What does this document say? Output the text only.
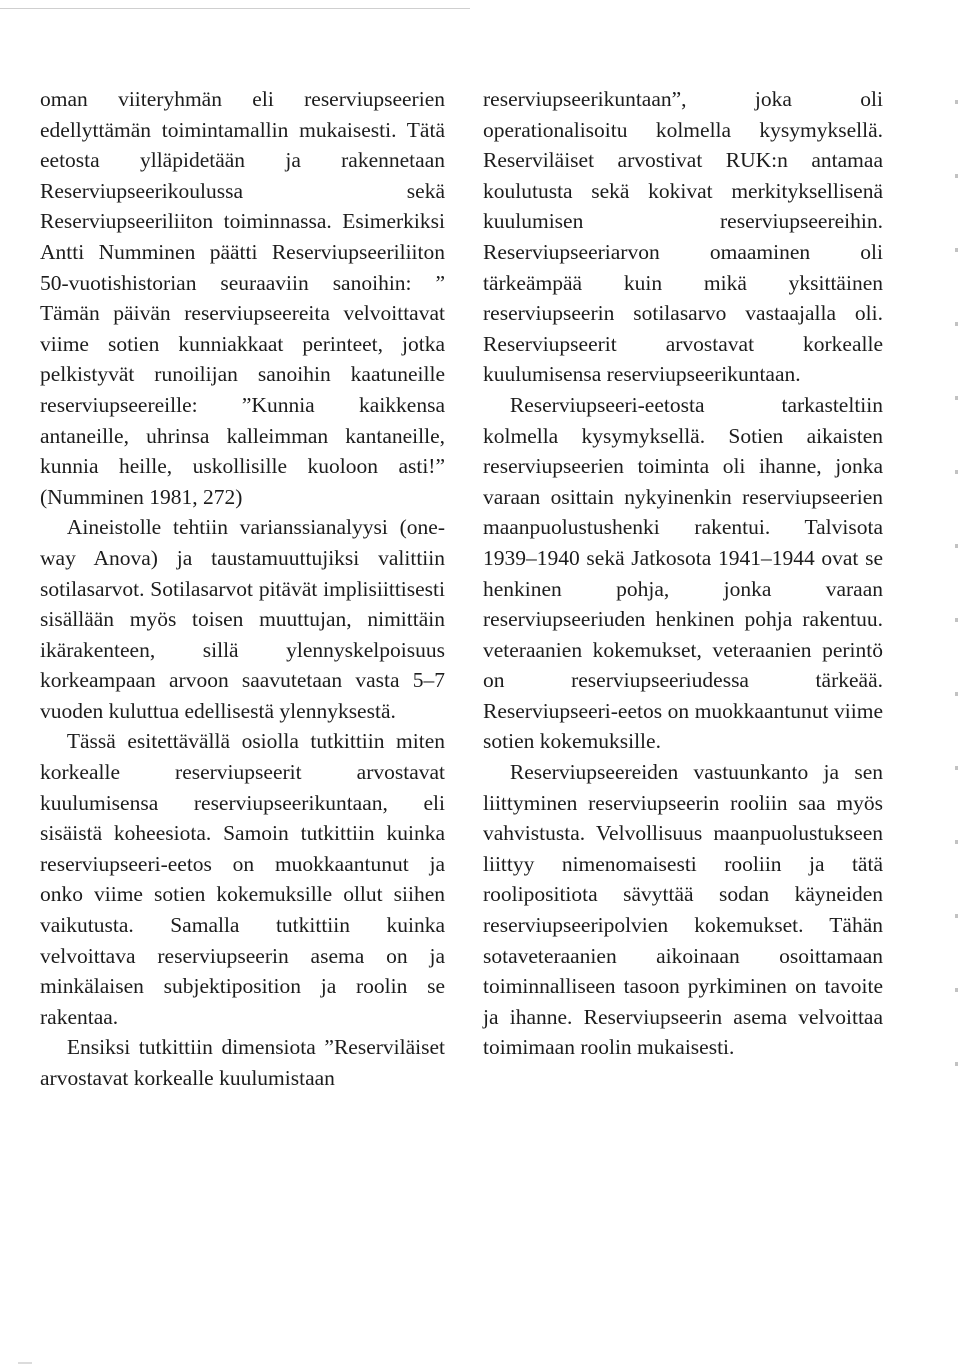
oman viiteryhmän eli reserviupseerien edellyttämän toimintamallin mukaisesti. Tätä eetosta ylläpidetään ja rakennetaan Reserviupseerikoulussa sekä Reserviupseeriliiton toiminnassa. Esimerkiksi Antti Numminen päätti Reserviupseeriliiton 50-vuotishistorian seuraaviin sanoihin: ” Tämän päivän reserviupseereita velvoittavat viime sotien kunniakkaat perinteet, jotka pelkistyvät runoilijan sanoihin kaatuneille reserviupseereille: ”Kunnia kaikkensa antaneille, uhrinsa kalleimman kantaneille, kunnia heille, uskollisille kuoloon asti!” (Numminen 1981, 272)

Aineistolle tehtiin varianssianalyysi (one-way Anova) ja taustamuuttujiksi valittiin sotilasarvot. Sotilasarvot pitävät implisiittisesti sisällään myös toisen muuttujan, nimittäin ikärakenteen, sillä ylennyskelpoisuus korkeampaan arvoon saavutetaan vasta 5–7 vuoden kuluttua edellisestä ylennyksestä.

Tässä esitettävällä osiolla tutkittiin miten korkealle reserviupseerit arvostavat kuulumisensa reserviupseerikuntaan, eli sisäistä koheesiota. Samoin tutkittiin kuinka reserviupseeri-eetos on muokkaantunut ja onko viime sotien kokemuksille ollut siihen vaikutusta. Samalla tutkittiin kuinka velvoittava reserviupseerin asema on ja minkälaisen subjektiposition ja roolin se rakentaa.

Ensiksi tutkittiin dimensiota ”Reserviläiset arvostavat korkealle kuulumistaan

reserviupseerikuntaan”, joka oli operationalisoitu kolmella kysymyksellä. Reserviläiset arvostivat RUK:n antamaa koulutusta sekä kokivat merkityksellisenä kuulumisen reserviupseereihin. Reserviupseeriarvon omaaminen oli tärkeämpää kuin mikä yksittäinen reserviupseerin sotilasarvo vastaajalla oli. Reserviupseerit arvostavat korkealle kuulumisensa reserviupseerikuntaan.

Reserviupseeri-eetosta tarkasteltiin kolmella kysymyksellä. Sotien aikaisten reserviupseerien toiminta oli ihanne, jonka varaan osittain nykyinenkin reserviupseerien maanpuolustushenki rakentui. Talvisota 1939–1940 sekä Jatkosota 1941–1944 ovat se henkinen pohja, jonka varaan reserviupseeriuden henkinen pohja rakentuu. veteraanien kokemukset, veteraanien perintö on reserviupseeriudessa tärkeää. Reserviupseeri-eetos on muokkaantunut viime sotien kokemuksille.

Reserviupseereiden vastuunkanto ja sen liittyminen reserviupseerin rooliin saa myös vahvistusta. Velvollisuus maanpuolustukseen liittyy nimenomaisesti rooliin ja tätä roolipositiota sävyttää sodan käyneiden reserviupseeripolvien kokemukset. Tähän sotaveteraanien aikoinaan osoittamaan toiminnalliseen tasoon pyrkiminen on tavoite ja ihanne. Reserviupseerin asema velvoittaa toimimaan roolin mukaisesti.
